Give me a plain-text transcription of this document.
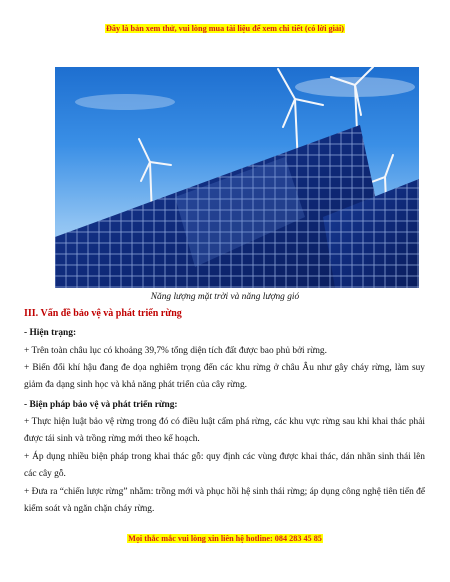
Đây là bản xem thử, vui lòng mua tài liệu để xem chi tiết (có lời giải)
Năng lượng mặt trời và năng lượng gió
III. Vấn đề bảo vệ và phát triển rừng
- Hiện trạng:
+ Trên toàn châu lục có khoảng 39,7% tổng diện tích đất được bao phủ bởi rừng.
+ Biến đổi khí hậu đang đe dọa nghiêm trọng đến các khu rừng ở châu Âu như gây cháy rừng, làm suy giảm đa dạng sinh học và khả năng phát triển của cây rừng.
- Biện pháp bảo vệ và phát triển rừng:
+ Thực hiện luật bảo vệ rừng trong đó có điều luật cấm phá rừng, các khu vực rừng sau khi khai thác phải được tái sinh và trồng rừng mới theo kế hoạch.
+ Áp dụng nhiều biện pháp trong khai thác gỗ: quy định các vùng được khai thác, dán nhãn sinh thái lên các cây gỗ.
+ Đưa ra “chiến lược rừng” nhằm: trồng mới và phục hồi hệ sinh thái rừng; áp dụng công nghệ tiên tiến để kiểm soát và ngăn chặn cháy rừng.
Mọi thắc mắc vui lòng xin liên hệ hotline: 084 283 45 85
